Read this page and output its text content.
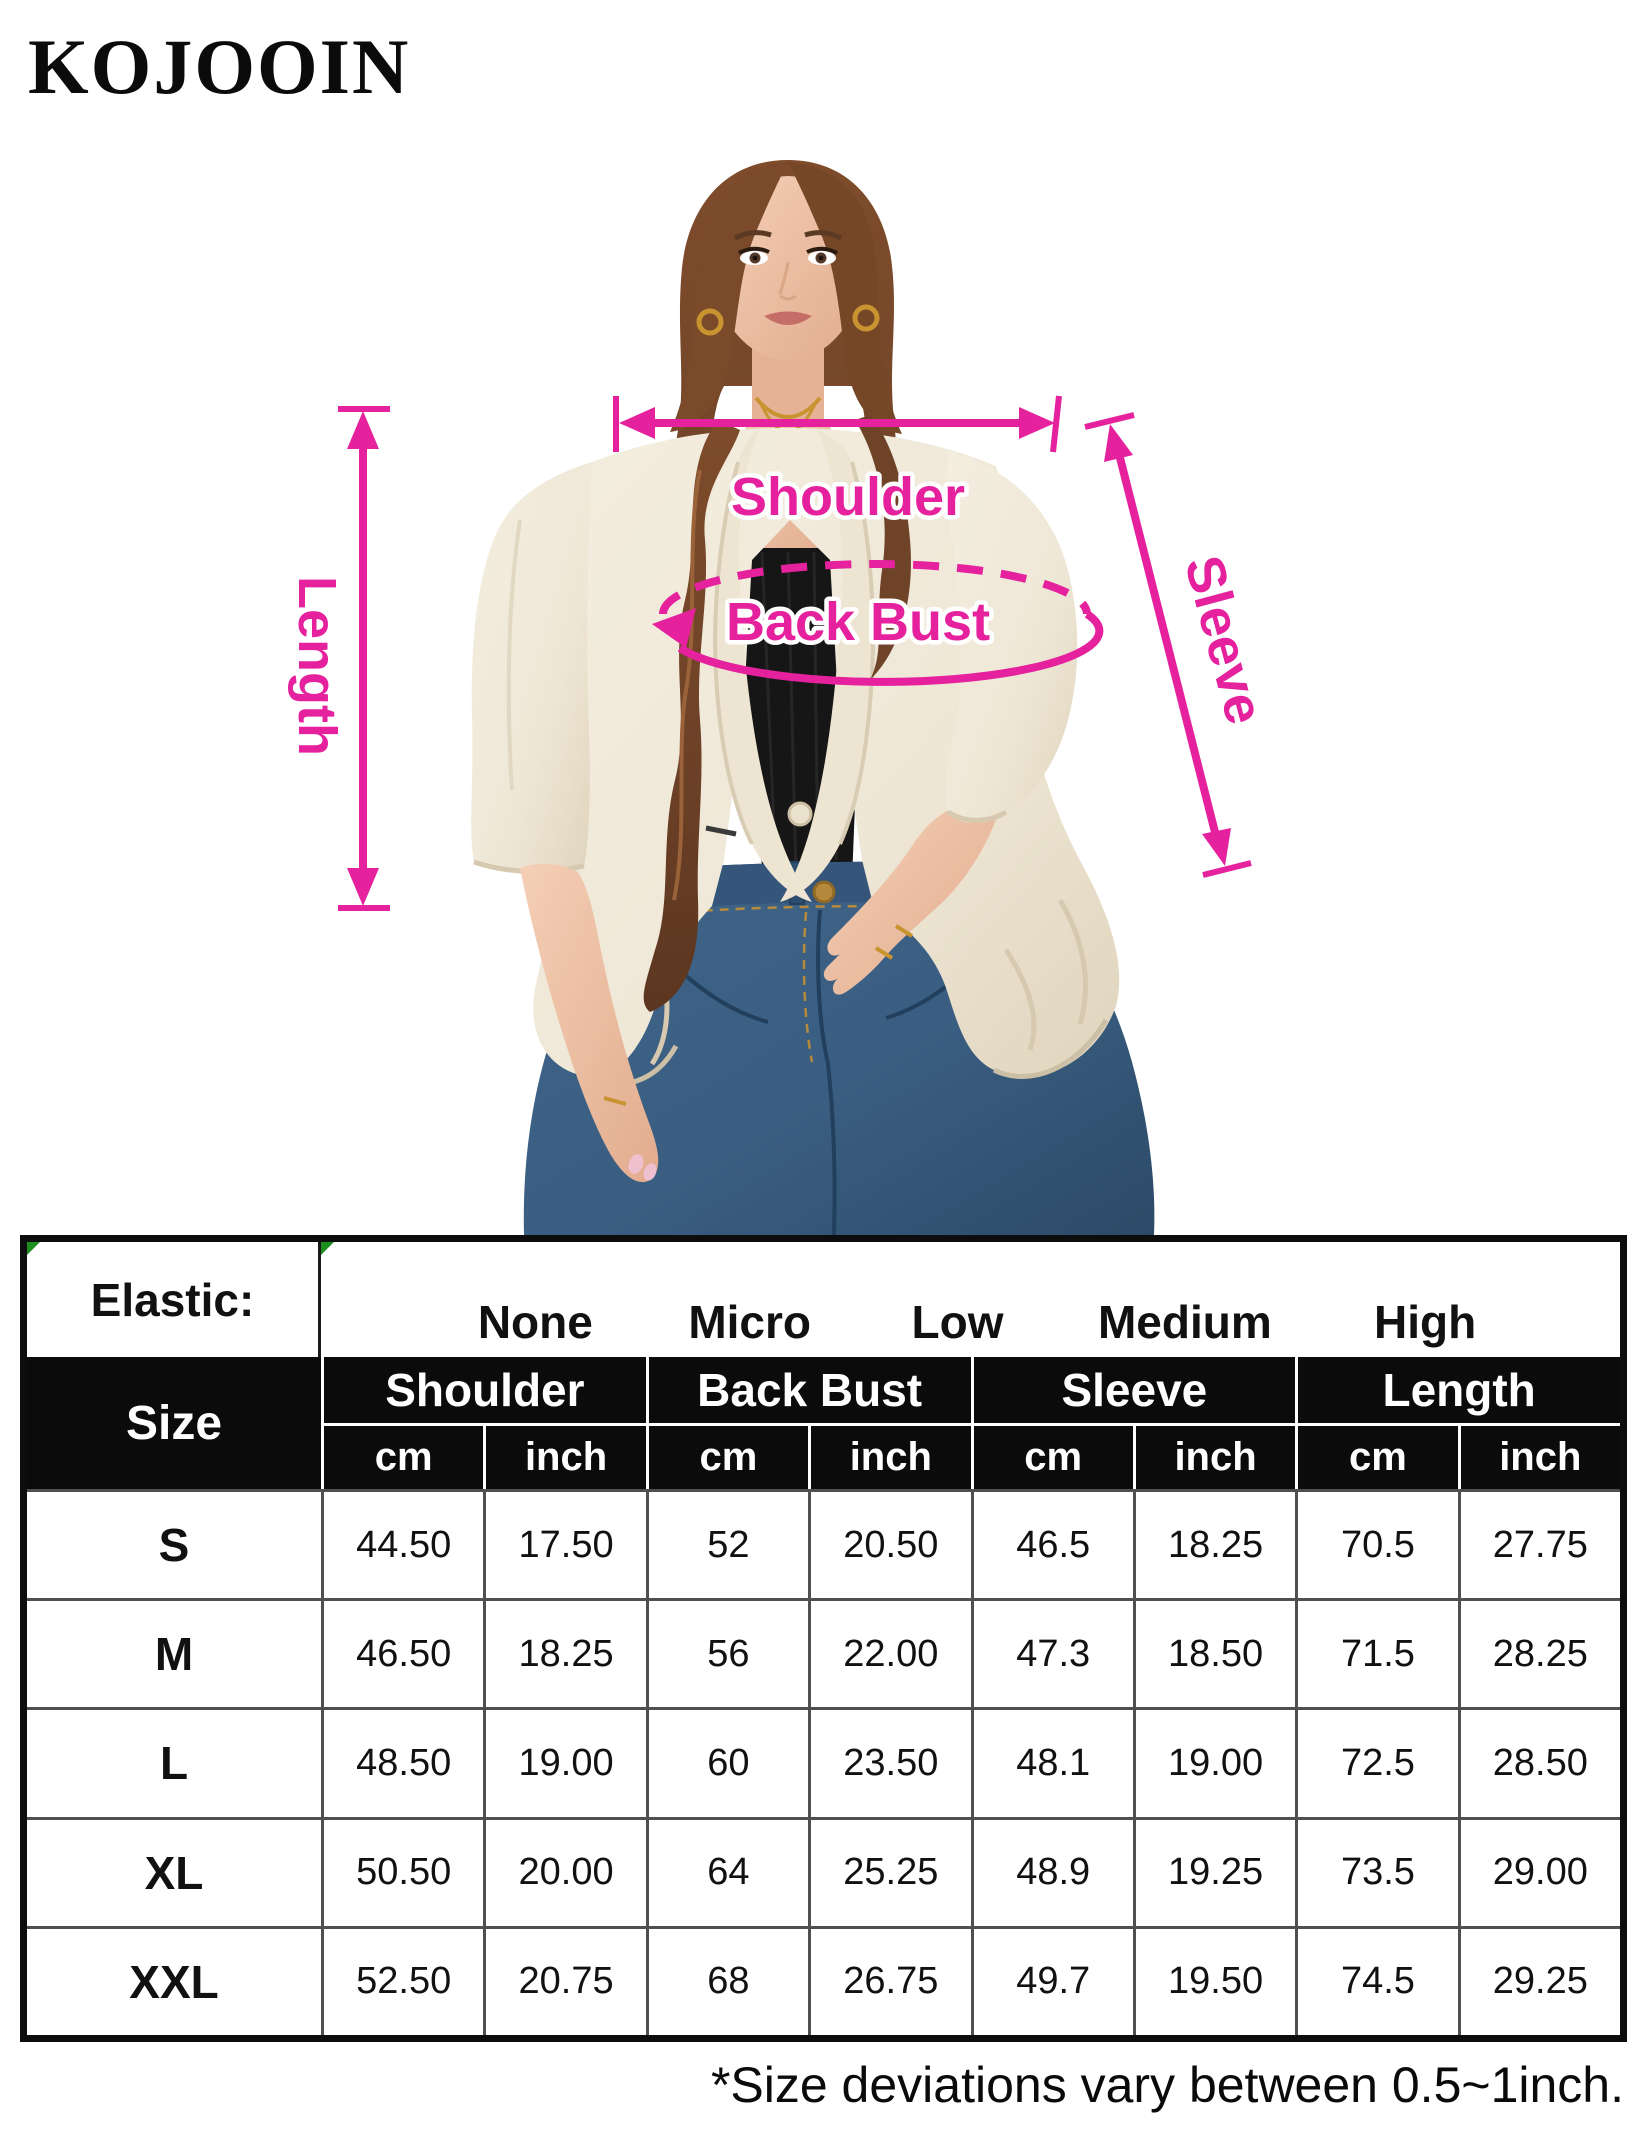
KOJOOIN
Length
Shoulder
Back Bust	Sleeve
Elastic:	None Micro Low Medium High
Size
Shoulder	Back Bust	Sleeve	Length
cm	inch	cm	inch	cm	inch	cm	inch
S	44.50	17.50	52	20.50	46.5	18.25	70.5	27.75
M	46.50	18.25	56	22.00	47.3	18.50	71.5	28.25
L	48.50	19.00	60	23.50	48.1	19.00	72.5	28.50
XL	50.50	20.00	64	25.25	48.9	19.25	73.5	29.00
XXL	52.50	20.75	68	26.75	49.7	19.50	74.5	29.25
*Size deviations vary between 0.5~1inch.
